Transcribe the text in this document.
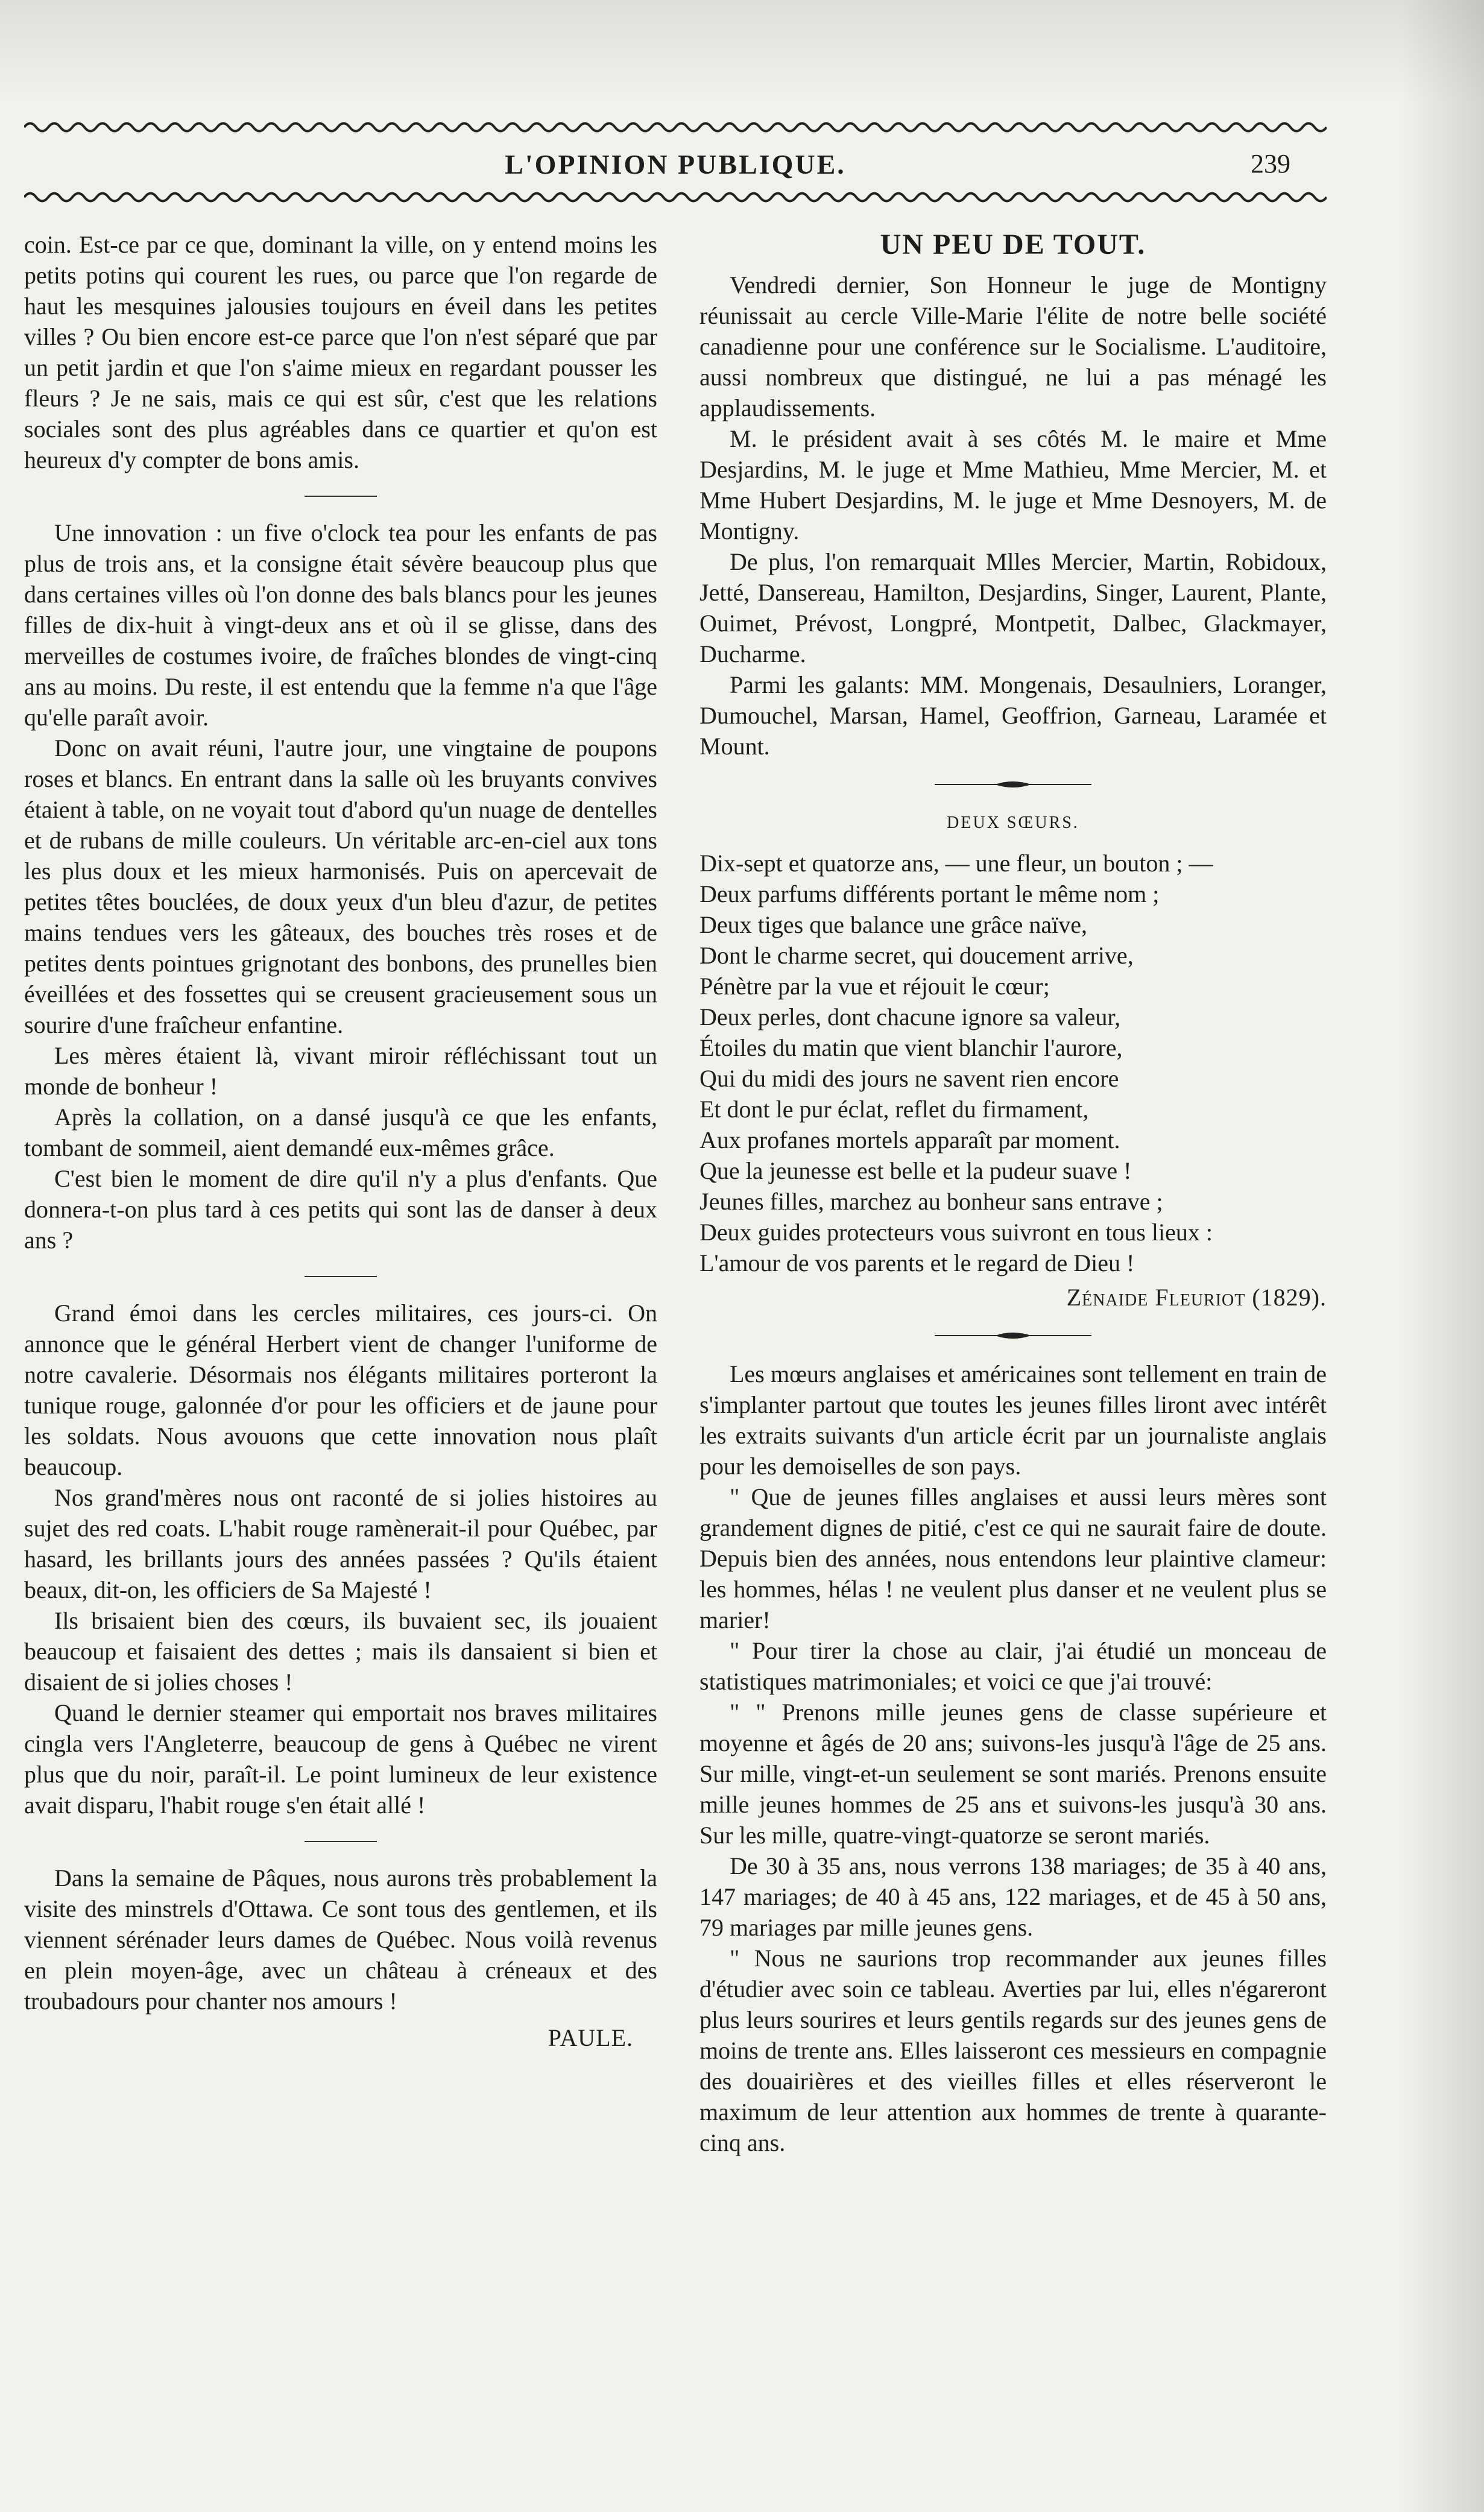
L'OPINION PUBLIQUE.	239

coin. Est-ce par ce que, dominant la ville, on y entend moins les petits potins qui courent les rues, ou parce que l'on regarde de haut les mesquines jalousies toujours en éveil dans les petites villes ? Ou bien encore est-ce parce que l'on n'est séparé que par un petit jardin et que l'on s'aime mieux en regardant pousser les fleurs ? Je ne sais, mais ce qui est sûr, c'est que les relations sociales sont des plus agréables dans ce quartier et qu'on est heureux d'y compter de bons amis.

Une innovation : un five o'clock tea pour les enfants de pas plus de trois ans, et la consigne était sévère beaucoup plus que dans certaines villes où l'on donne des bals blancs pour les jeunes filles de dix-huit à vingt-deux ans et où il se glisse, dans des merveilles de costumes ivoire, de fraîches blondes de vingt-cinq ans au moins. Du reste, il est entendu que la femme n'a que l'âge qu'elle paraît avoir.

Donc on avait réuni, l'autre jour, une vingtaine de poupons roses et blancs. En entrant dans la salle où les bruyants convives étaient à table, on ne voyait tout d'abord qu'un nuage de dentelles et de rubans de mille couleurs. Un véritable arc-en-ciel aux tons les plus doux et les mieux harmonisés. Puis on apercevait de petites têtes bouclées, de doux yeux d'un bleu d'azur, de petites mains tendues vers les gâteaux, des bouches très roses et de petites dents pointues grignotant des bonbons, des prunelles bien éveillées et des fossettes qui se creusent gracieusement sous un sourire d'une fraîcheur enfantine.

Les mères étaient là, vivant miroir réfléchissant tout un monde de bonheur !

Après la collation, on a dansé jusqu'à ce que les enfants, tombant de sommeil, aient demandé eux-mêmes grâce.

C'est bien le moment de dire qu'il n'y a plus d'enfants. Que donnera-t-on plus tard à ces petits qui sont las de danser à deux ans ?

Grand émoi dans les cercles militaires, ces jours-ci. On annonce que le général Herbert vient de changer l'uniforme de notre cavalerie. Désormais nos élégants militaires porteront la tunique rouge, galonnée d'or pour les officiers et de jaune pour les soldats. Nous avouons que cette innovation nous plaît beaucoup.

Nos grand'mères nous ont raconté de si jolies histoires au sujet des red coats. L'habit rouge ramènerait-il pour Québec, par hasard, les brillants jours des années passées ? Qu'ils étaient beaux, dit-on, les officiers de Sa Majesté !

Ils brisaient bien des cœurs, ils buvaient sec, ils jouaient beaucoup et faisaient des dettes ; mais ils dansaient si bien et disaient de si jolies choses !

Quand le dernier steamer qui emportait nos braves militaires cingla vers l'Angleterre, beaucoup de gens à Québec ne virent plus que du noir, paraît-il. Le point lumineux de leur existence avait disparu, l'habit rouge s'en était allé !

Dans la semaine de Pâques, nous aurons très probablement la visite des minstrels d'Ottawa. Ce sont tous des gentlemen, et ils viennent sérénader leurs dames de Québec. Nous voilà revenus en plein moyen-âge, avec un château à créneaux et des troubadours pour chanter nos amours !

PAULE.

UN PEU DE TOUT.

Vendredi dernier, Son Honneur le juge de Montigny réunissait au cercle Ville-Marie l'élite de notre belle société canadienne pour une conférence sur le Socialisme. L'auditoire, aussi nombreux que distingué, ne lui a pas ménagé les applaudissements.

M. le président avait à ses côtés M. le maire et Mme Desjardins, M. le juge et Mme Mathieu, Mme Mercier, M. et Mme Hubert Desjardins, M. le juge et Mme Desnoyers, M. de Montigny.

De plus, l'on remarquait Mlles Mercier, Martin, Robidoux, Jetté, Dansereau, Hamilton, Desjardins, Singer, Laurent, Plante, Ouimet, Prévost, Longpré, Montpetit, Dalbec, Glackmayer, Ducharme.

Parmi les galants: MM. Mongenais, Desaulniers, Loranger, Dumouchel, Marsan, Hamel, Geoffrion, Garneau, Laramée et Mount.

DEUX SŒURS.

Dix-sept et quatorze ans, — une fleur, un bouton ; —

Deux parfums différents portant le même nom ;

Deux tiges que balance une grâce naïve,

Dont le charme secret, qui doucement arrive,

Pénètre par la vue et réjouit le cœur;

Deux perles, dont chacune ignore sa valeur,

Étoiles du matin que vient blanchir l'aurore,

Qui du midi des jours ne savent rien encore

Et dont le pur éclat, reflet du firmament,

Aux profanes mortels apparaît par moment.

Que la jeunesse est belle et la pudeur suave !

Jeunes filles, marchez au bonheur sans entrave ;

Deux guides protecteurs vous suivront en tous lieux :

L'amour de vos parents et le regard de Dieu !

Zénaide Fleuriot (1829).

Les mœurs anglaises et américaines sont tellement en train de s'implanter partout que toutes les jeunes filles liront avec intérêt les extraits suivants d'un article écrit par un journaliste anglais pour les demoiselles de son pays.

" Que de jeunes filles anglaises et aussi leurs mères sont grandement dignes de pitié, c'est ce qui ne saurait faire de doute. Depuis bien des années, nous entendons leur plaintive clameur: les hommes, hélas ! ne veulent plus danser et ne veulent plus se marier!

" Pour tirer la chose au clair, j'ai étudié un monceau de statistiques matrimoniales; et voici ce que j'ai trouvé:

" " Prenons mille jeunes gens de classe supérieure et moyenne et âgés de 20 ans; suivons-les jusqu'à l'âge de 25 ans. Sur mille, vingt-et-un seulement se sont mariés. Prenons ensuite mille jeunes hommes de 25 ans et suivons-les jusqu'à 30 ans. Sur les mille, quatre-vingt-quatorze se seront mariés.

De 30 à 35 ans, nous verrons 138 mariages; de 35 à 40 ans, 147 mariages; de 40 à 45 ans, 122 mariages, et de 45 à 50 ans, 79 mariages par mille jeunes gens.

" Nous ne saurions trop recommander aux jeunes filles d'étudier avec soin ce tableau. Averties par lui, elles n'égareront plus leurs sourires et leurs gentils regards sur des jeunes gens de moins de trente ans. Elles laisseront ces messieurs en compagnie des douairières et des vieilles filles et elles réserveront le maximum de leur attention aux hommes de trente à quarante-cinq ans.
